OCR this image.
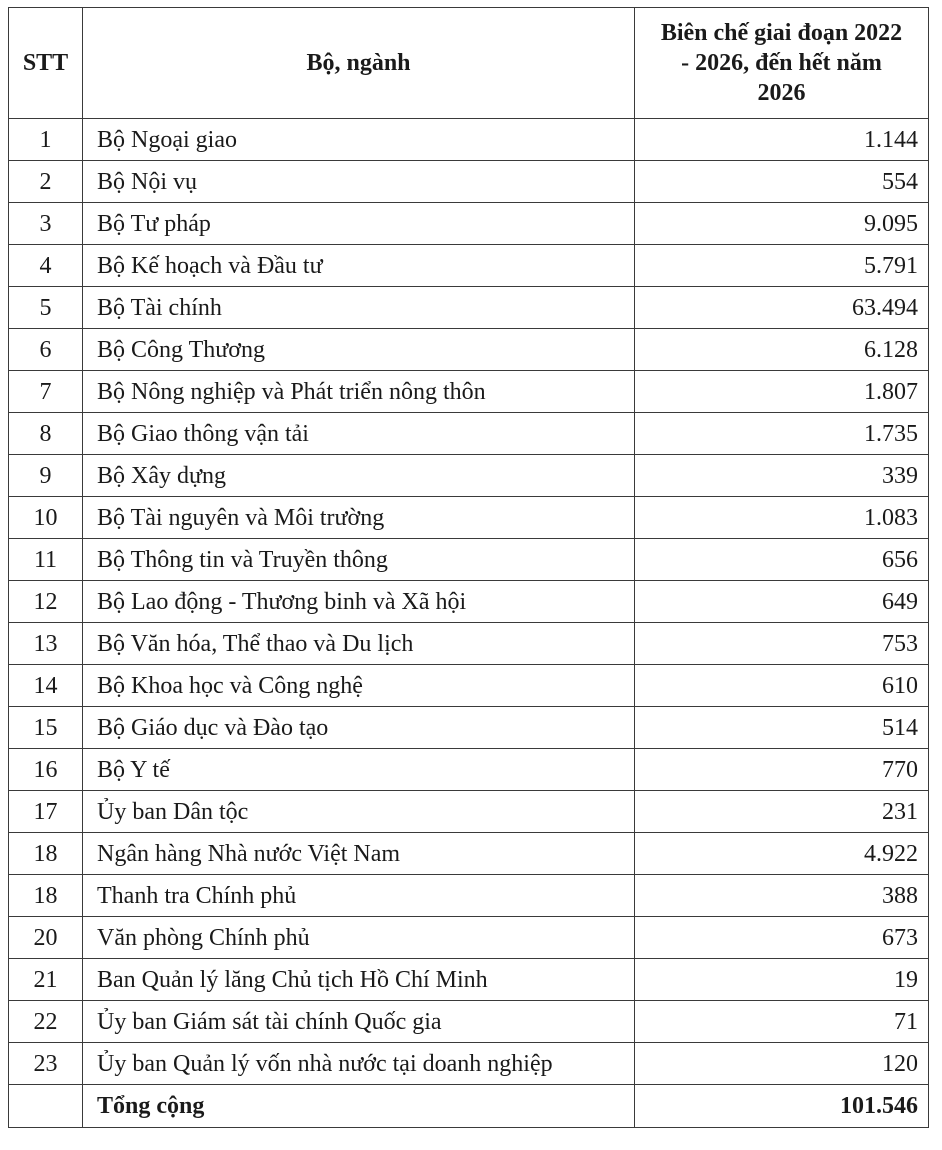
STT	Bộ, ngành	Biên chế giai đoạn 2022 - 2026, đến hết năm 2026
1	Bộ Ngoại giao	1.144
2	Bộ Nội vụ	554
3	Bộ Tư pháp	9.095
4	Bộ Kế hoạch và Đầu tư	5.791
5	Bộ Tài chính	63.494
6	Bộ Công Thương	6.128
7	Bộ Nông nghiệp và Phát triển nông thôn	1.807
8	Bộ Giao thông vận tải	1.735
9	Bộ Xây dựng	339
10	Bộ Tài nguyên và Môi trường	1.083
11	Bộ Thông tin và Truyền thông	656
12	Bộ Lao động - Thương binh và Xã hội	649
13	Bộ Văn hóa, Thể thao và Du lịch	753
14	Bộ Khoa học và Công nghệ	610
15	Bộ Giáo dục và Đào tạo	514
16	Bộ Y tế	770
17	Ủy ban Dân tộc	231
18	Ngân hàng Nhà nước Việt Nam	4.922
18	Thanh tra Chính phủ	388
20	Văn phòng Chính phủ	673
21	Ban Quản lý lăng Chủ tịch Hồ Chí Minh	19
22	Ủy ban Giám sát tài chính Quốc gia	71
23	Ủy ban Quản lý vốn nhà nước tại doanh nghiệp	120
	Tổng cộng	101.546
